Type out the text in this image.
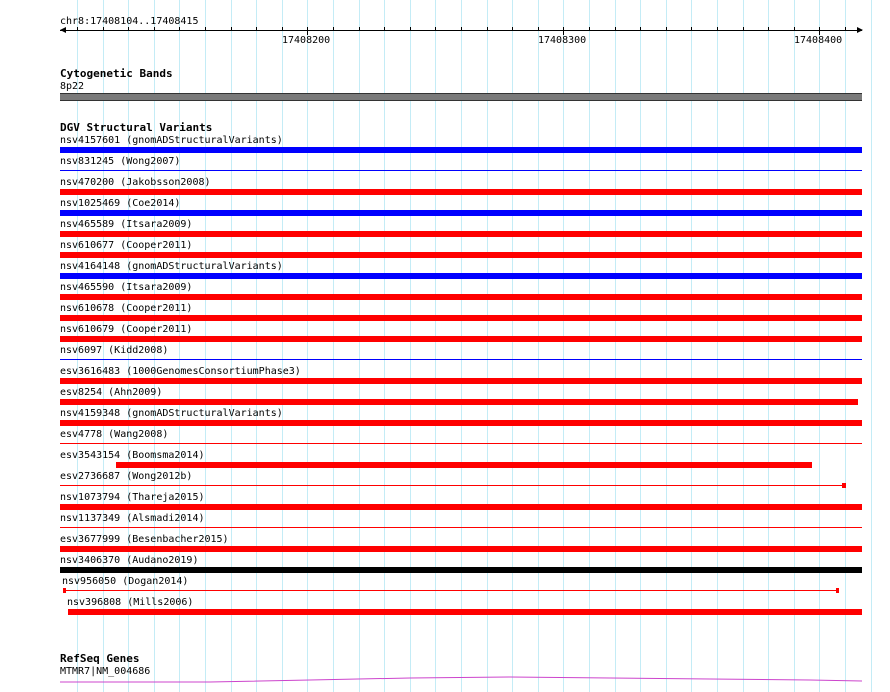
chr8:17408104..17408415
17408200	17408300	17408400
Cytogenetic Bands
8p22
DGV Structural Variants
nsv4157601 (gnomADStructuralVariants)
nsv831245 (Wong2007)
nsv470200 (Jakobsson2008)
nsv1025469 (Coe2014)
nsv465589 (Itsara2009)
nsv610677 (Cooper2011)
nsv4164148 (gnomADStructuralVariants)
nsv465590 (Itsara2009)
nsv610678 (Cooper2011)
nsv610679 (Cooper2011)
nsv6097 (Kidd2008)
esv3616483 (1000GenomesConsortiumPhase3)
esv8254 (Ahn2009)
nsv4159348 (gnomADStructuralVariants)
esv4778 (Wang2008)
esv3543154 (Boomsma2014)
esv2736687 (Wong2012b)
nsv1073794 (Thareja2015)
nsv1137349 (Alsmadi2014)
esv3677999 (Besenbacher2015)
nsv3406370 (Audano2019)
nsv956050 (Dogan2014)
nsv396808 (Mills2006)
RefSeq Genes
MTMR7|NM_004686
